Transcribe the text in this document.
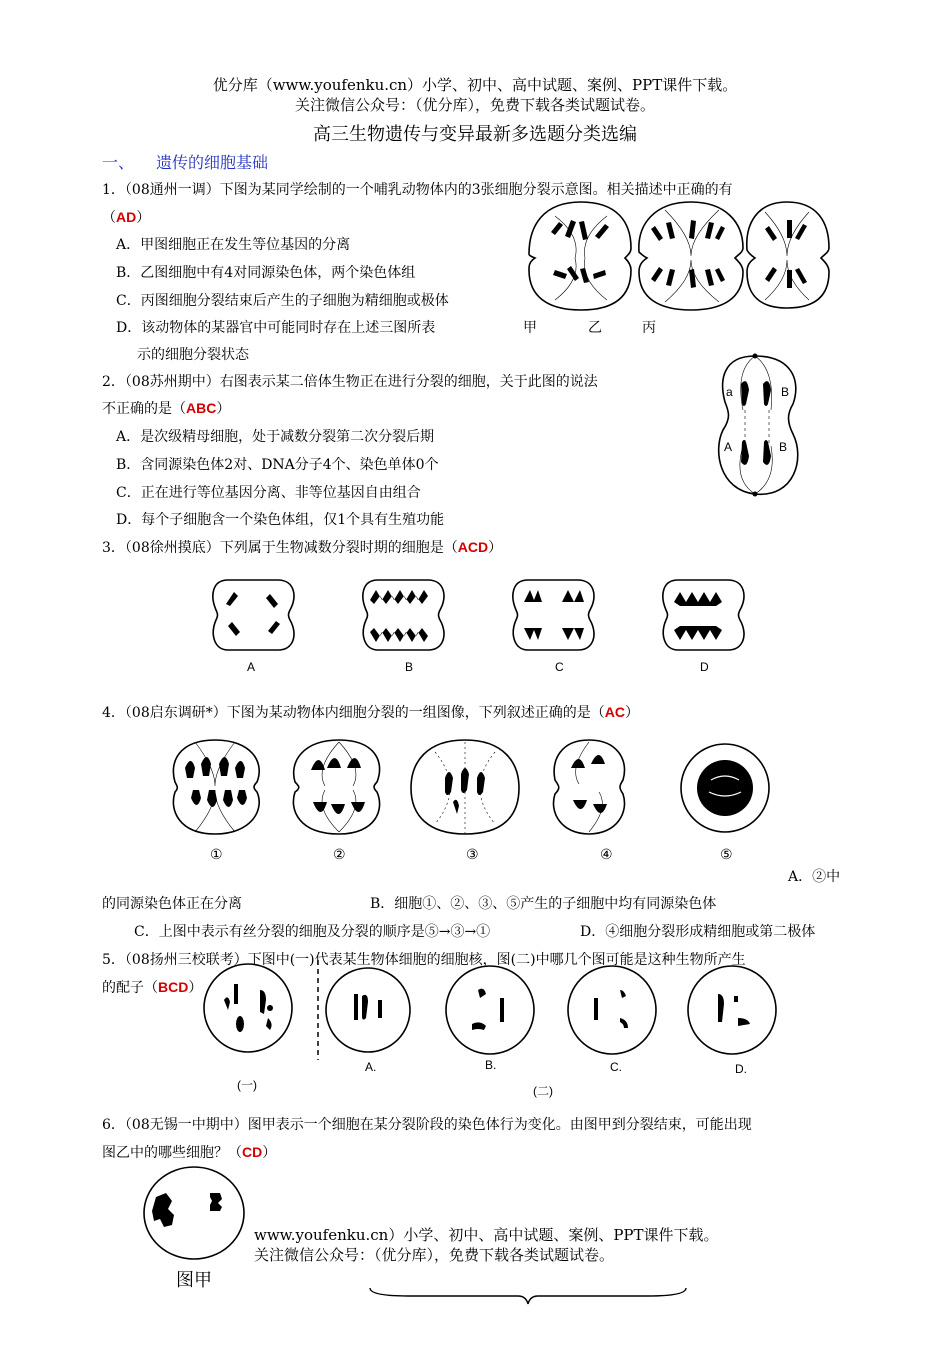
优分库（www.youfenku.cn）小学、初中、高中试题、案例、PPT课件下载。
关注微信公众号：（优分库），免费下载各类试题试卷。
高三生物遗传与变异最新多选题分类选编
一、 遗传的细胞基础
1．（08通州一调）下图为某同学绘制的一个哺乳动物体内的3张细胞分裂示意图。相关描述中正确的有
（AD）
A．甲图细胞正在发生等位基因的分离
B．乙图细胞中有4对同源染色体，两个染色体组
C．丙图细胞分裂结束后产生的子细胞为精细胞或极体
D．该动物体的某器官中可能同时存在上述三图所表
示的细胞分裂状态
甲	乙	丙
2．（08苏州期中）右图表示某二倍体生物正在进行分裂的细胞，关于此图的说法
不正确的是（ABC）
A．是次级精母细胞，处于减数分裂第二次分裂后期
B．含同源染色体2对、DNA分子4个、染色单体0个
C．正在进行等位基因分离、非等位基因自由组合
D．每个子细胞含一个染色体组，仅1个具有生殖功能
a	B
A	B
3．（08徐州摸底）下列属于生物减数分裂时期的细胞是（ACD）
A	B	C	D
4．（08启东调研*）下图为某动物体内细胞分裂的一组图像，下列叙述正确的是（AC）
①	②	③	④	⑤
A．②中
的同源染色体正在分离	B．细胞①、②、③、⑤产生的子细胞中均有同源染色体
C．上图中表示有丝分裂的细胞及分裂的顺序是⑤→③→①	D．④细胞分裂形成精细胞或第二极体
5．（08扬州三校联考）下图中(一)代表某生物体细胞的细胞核，图(二)中哪几个图可能是这种生物所产生
的配子（BCD）
(一)
A.	B.	C.	D.
(二)
6．（08无锡一中期中）图甲表示一个细胞在某分裂阶段的染色体行为变化。由图甲到分裂结束，可能出现
图乙中的哪些细胞？（CD）
图甲
www.youfenku.cn）小学、初中、高中试题、案例、PPT课件下载。
关注微信公众号：（优分库），免费下载各类试题试卷。
